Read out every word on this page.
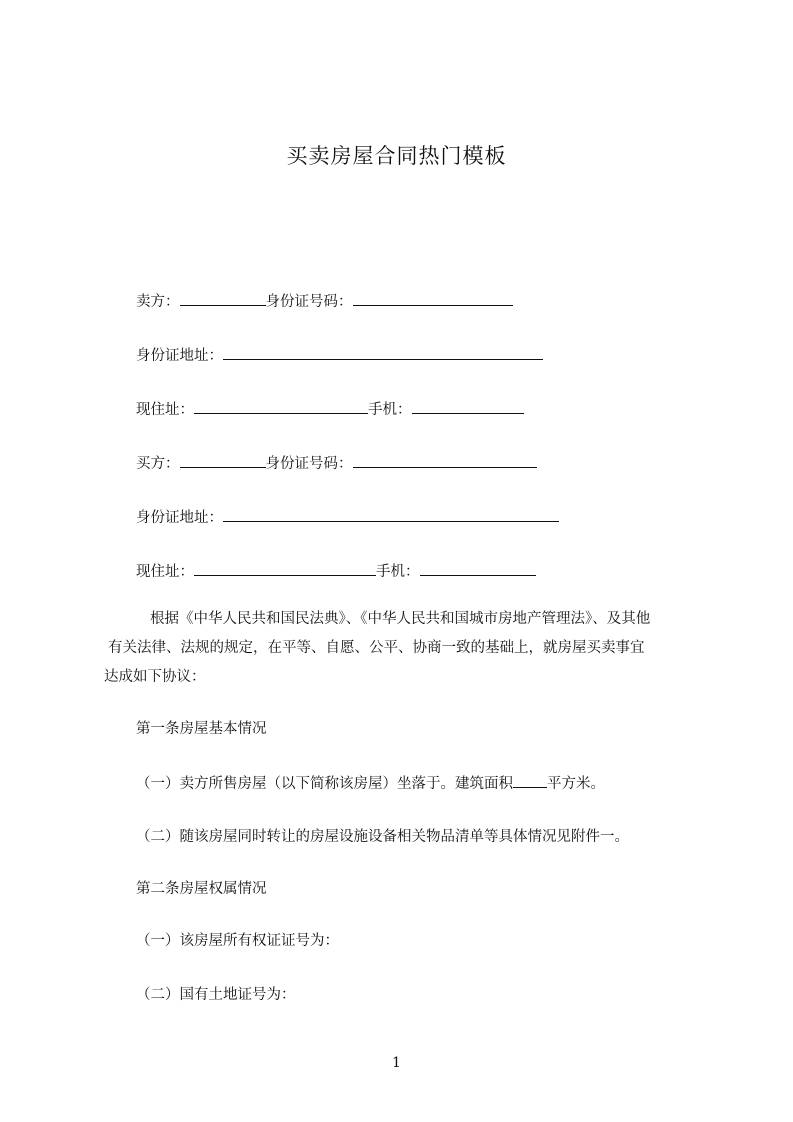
买卖房屋合同热门模板
卖方：	身份证号码：
身份证地址：
现住址：	手机：
买方：	身份证号码：
身份证地址：
现住址：	手机：
根据《中华人民共和国民法典》、《中华人民共和国城市房地产管理法》、及其他
有关法律、法规的规定，在平等、自愿、公平、协商一致的基础上，就房屋买卖事宜
达成如下协议：
第一条房屋基本情况
（一）卖方所售房屋（以下简称该房屋）坐落于。建筑面积 平方米。
（二）随该房屋同时转让的房屋设施设备相关物品清单等具体情况见附件一。
第二条房屋权属情况
（一）该房屋所有权证证号为：
（二）国有土地证号为：
1
